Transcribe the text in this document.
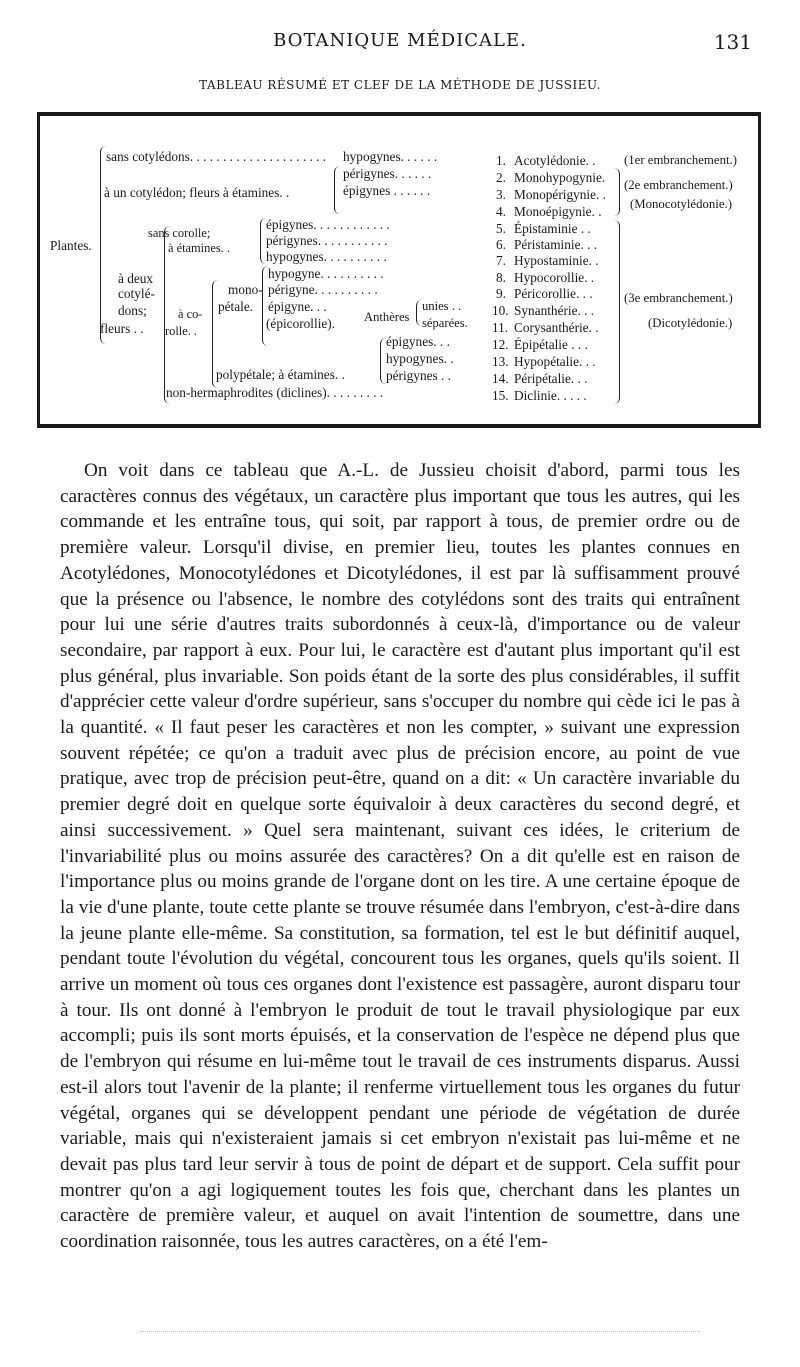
BOTANIQUE MÉDICALE.	131
TABLEAU RÉSUMÉ ET CLEF DE LA MÉTHODE DE JUSSIEU.
Plantes.
sans cotylédons. . . . . . . . . . . . . . . . . . . . .
à un cotylédon; fleurs à étamines. .
à deux
cotylé-
dons;
fleurs . .
sans corolle;
à étamines. .
à co-
rolle. .
mono-
pétale. épigyne. . .
(épicorollie). Anthères
unies . .
séparées.
polypétale; à étamines. .
non-hermaphrodites (diclines). . . . . . . . .
hypogynes. . . . . .
périgynes. . . . . .
épigynes . . . . . .
épigynes. . . . . . . . . . . .
périgynes. . . . . . . . . . .
hypogynes. . . . . . . . . .
hypogyne. . . . . . . . . .
périgyne. . . . . . . . . .
épigynes. . .
hypogynes. .
périgynes . .
1. Acotylédonie. .
2. Monohypogynie.
3. Monopérigynie. .
4. Monoépigynie. .
5. Épistaminie . .
6. Péristaminie. . .
7. Hypostaminie. .
8. Hypocorollie. .
9. Péricorollie. . .
10. Synanthérie. . .
11. Corysanthérie. .
12. Épipétalie . . .
13. Hypopétalie. . .
14. Péripétalie. . .
15. Diclinie. . . . .
(1er embranchement.)
(2e embranchement.)
(Monocotylédonie.)
(3e embranchement.)
(Dicotylédonie.)

On voit dans ce tableau que A.-L. de Jussieu choisit d'abord, parmi tous les caractères connus des végétaux, un caractère plus important que tous les autres, qui les commande et les entraîne tous, qui soit, par rapport à tous, de premier ordre ou de première valeur. Lorsqu'il divise, en premier lieu, toutes les plantes connues en Acotylédones, Monocotylédones et Dicotylédones, il est par là suffisamment prouvé que la présence ou l'absence, le nombre des cotylédons sont des traits qui entraînent pour lui une série d'autres traits subordonnés à ceux-là, d'importance ou de valeur secondaire, par rapport à eux. Pour lui, le caractère est d'autant plus important qu'il est plus général, plus invariable. Son poids étant de la sorte des plus considérables, il suffit d'apprécier cette valeur d'ordre supérieur, sans s'occuper du nombre qui cède ici le pas à la quantité. « Il faut peser les caractères et non les compter, » suivant une expression souvent répétée; ce qu'on a traduit avec plus de précision encore, au point de vue pratique, avec trop de précision peut-être, quand on a dit: « Un caractère invariable du premier degré doit en quelque sorte équivaloir à deux caractères du second degré, et ainsi successivement. » Quel sera maintenant, suivant ces idées, le criterium de l'invariabilité plus ou moins assurée des caractères? On a dit qu'elle est en raison de l'importance plus ou moins grande de l'organe dont on les tire. A une certaine époque de la vie d'une plante, toute cette plante se trouve résumée dans l'embryon, c'est-à-dire dans la jeune plante elle-même. Sa constitution, sa formation, tel est le but définitif auquel, pendant toute l'évolution du végétal, concourent tous les organes, quels qu'ils soient. Il arrive un moment où tous ces organes dont l'existence est passagère, auront disparu tour à tour. Ils ont donné à l'embryon le produit de tout le travail physiologique par eux accompli; puis ils sont morts épuisés, et la conservation de l'espèce ne dépend plus que de l'embryon qui résume en lui-même tout le travail de ces instruments disparus. Aussi est-il alors tout l'avenir de la plante; il renferme virtuellement tous les organes du futur végétal, organes qui se développent pendant une période de végétation de durée variable, mais qui n'existeraient jamais si cet embryon n'existait pas lui-même et ne devait pas plus tard leur servir à tous de point de départ et de support. Cela suffit pour montrer qu'on a agi logiquement toutes les fois que, cherchant dans les plantes un caractère de première valeur, et auquel on avait l'intention de soumettre, dans une coordination raisonnée, tous les autres caractères, on a été l'em-
